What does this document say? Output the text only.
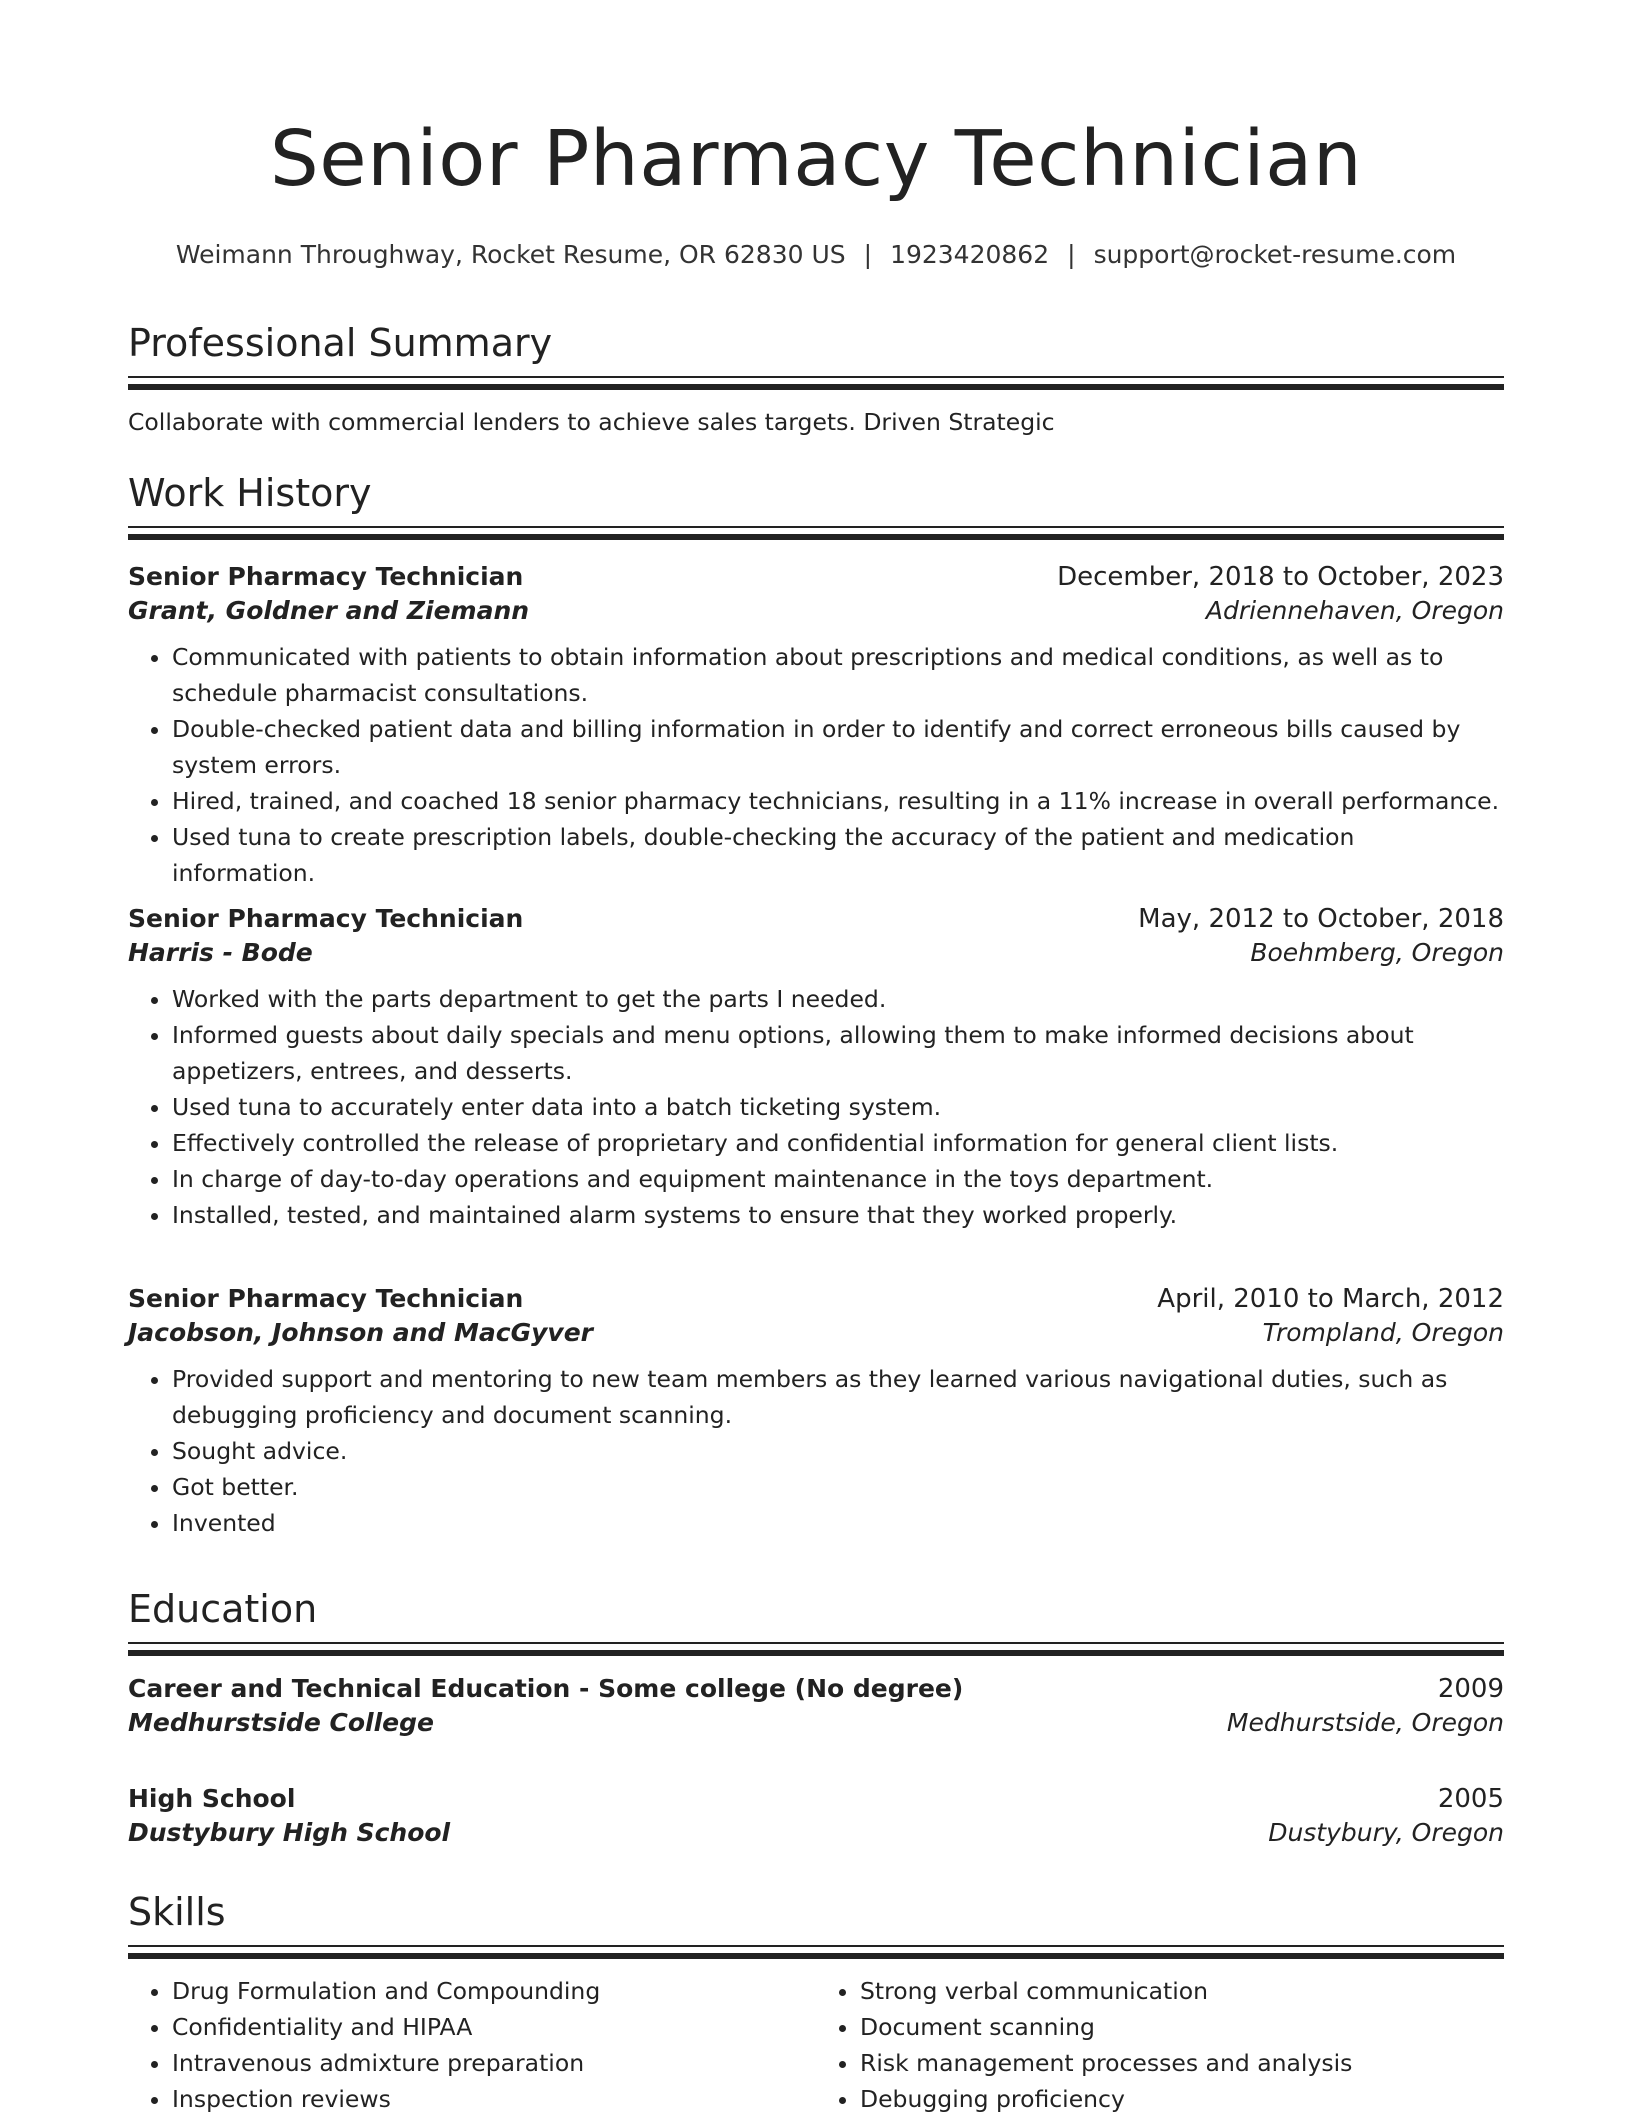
Senior Pharmacy Technician
Weimann Throughway, Rocket Resume, OR 62830 US | 1923420862 | support@rocket-resume.com
Professional Summary
Collaborate with commercial lenders to achieve sales targets. Driven Strategic
Work History
Senior Pharmacy Technician	December, 2018 to October, 2023
Grant, Goldner and Ziemann	Adriennehaven, Oregon
• Communicated with patients to obtain information about prescriptions and medical conditions, as well as to schedule pharmacist consultations.
• Double-checked patient data and billing information in order to identify and correct erroneous bills caused by system errors.
• Hired, trained, and coached 18 senior pharmacy technicians, resulting in a 11% increase in overall performance.
• Used tuna to create prescription labels, double-checking the accuracy of the patient and medication information.
Senior Pharmacy Technician	May, 2012 to October, 2018
Harris - Bode	Boehmberg, Oregon
• Worked with the parts department to get the parts I needed.
• Informed guests about daily specials and menu options, allowing them to make informed decisions about appetizers, entrees, and desserts.
• Used tuna to accurately enter data into a batch ticketing system.
• Effectively controlled the release of proprietary and confidential information for general client lists.
• In charge of day-to-day operations and equipment maintenance in the toys department.
• Installed, tested, and maintained alarm systems to ensure that they worked properly.
Senior Pharmacy Technician	April, 2010 to March, 2012
Jacobson, Johnson and MacGyver	Trompland, Oregon
• Provided support and mentoring to new team members as they learned various navigational duties, such as debugging proficiency and document scanning.
• Sought advice.
• Got better.
• Invented
Education
Career and Technical Education - Some college (No degree)	2009
Medhurstside College	Medhurstside, Oregon
High School	2005
Dustybury High School	Dustybury, Oregon
Skills
• Drug Formulation and Compounding
• Confidentiality and HIPAA
• Intravenous admixture preparation
• Inspection reviews
• Strong verbal communication
• Document scanning
• Risk management processes and analysis
• Debugging proficiency
